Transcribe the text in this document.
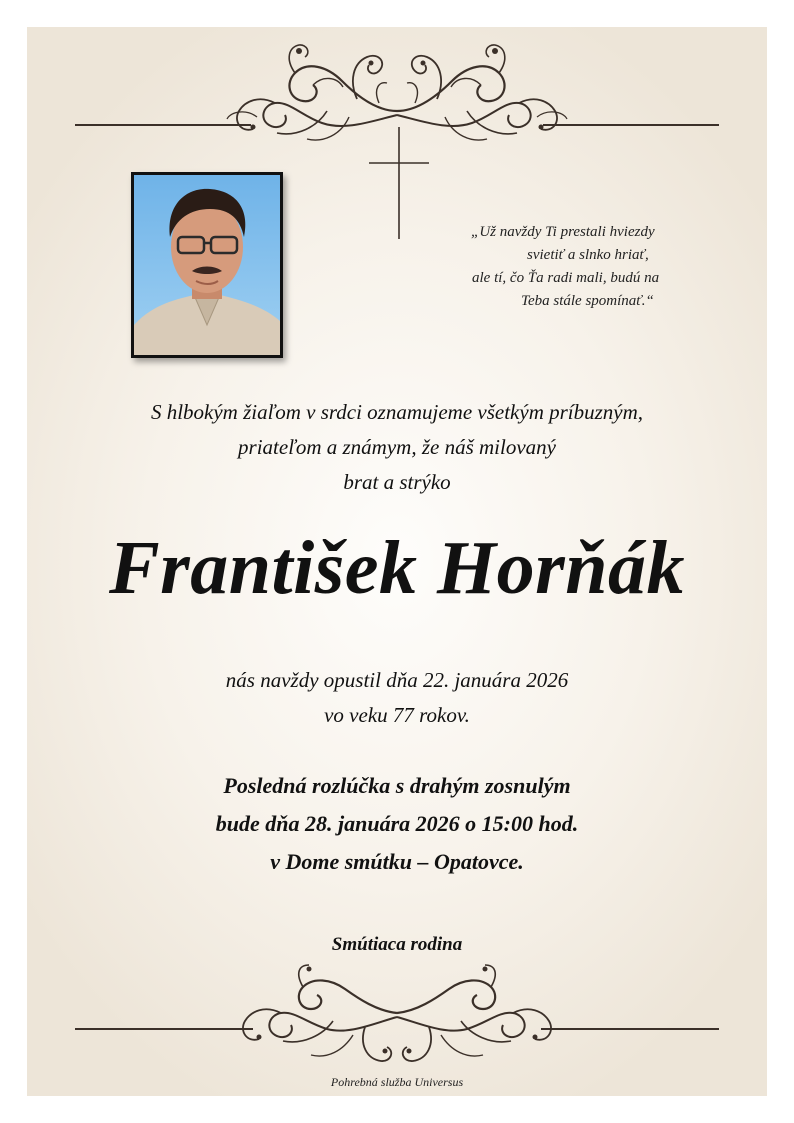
„Už navždy Ti prestali hviezdy
svietiť a slnko hriať,
ale tí, čo Ťa radi mali, budú na
Teba stále spomínať.“
S hlbokým žiaľom v srdci oznamujeme všetkým príbuzným,
priateľom a známym, že náš milovaný
brat a strýko
František Horňák
nás navždy opustil dňa 22. januára 2026
vo veku 77 rokov.
Posledná rozlúčka s drahým zosnulým
bude dňa 28. januára 2026 o 15:00 hod.
v Dome smútku – Opatovce.
Smútiaca rodina
Pohrebná služba Universus
